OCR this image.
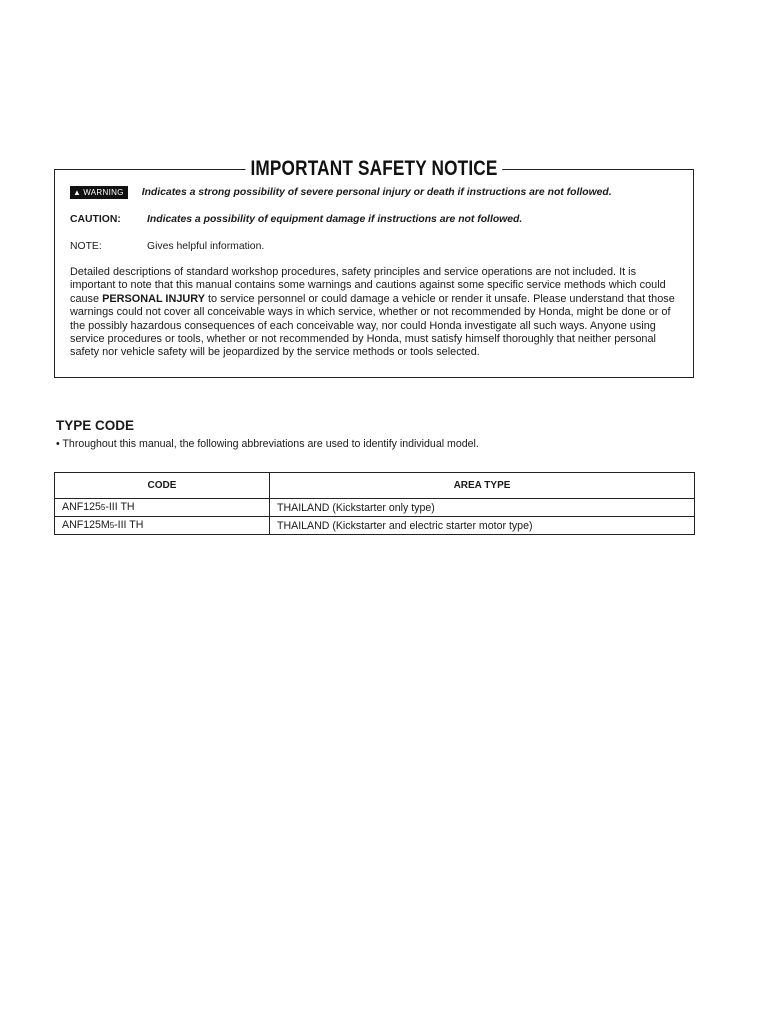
IMPORTANT SAFETY NOTICE
▲ WARNING Indicates a strong possibility of severe personal injury or death if instructions are not followed.
CAUTION:	Indicates a possibility of equipment damage if instructions are not followed.
NOTE:	Gives helpful information.

Detailed descriptions of standard workshop procedures, safety principles and service operations are not included. It is important to note that this manual contains some warnings and cautions against some specific service methods which could cause PERSONAL INJURY to service personnel or could damage a vehicle or render it unsafe. Please understand that those warnings could not cover all conceivable ways in which service, whether or not recommended by Honda, might be done or of the possibly hazardous consequences of each conceivable way, nor could Honda investigate all such ways. Anyone using service procedures or tools, whether or not recommended by Honda, must satisfy himself thoroughly that neither personal safety nor vehicle safety will be jeopardized by the service methods or tools selected.

TYPE CODE

• Throughout this manual, the following abbreviations are used to identify individual model.

CODE	AREA TYPE
ANF1255-III TH	THAILAND (Kickstarter only type)
ANF125M5-III TH	THAILAND (Kickstarter and electric starter motor type)
